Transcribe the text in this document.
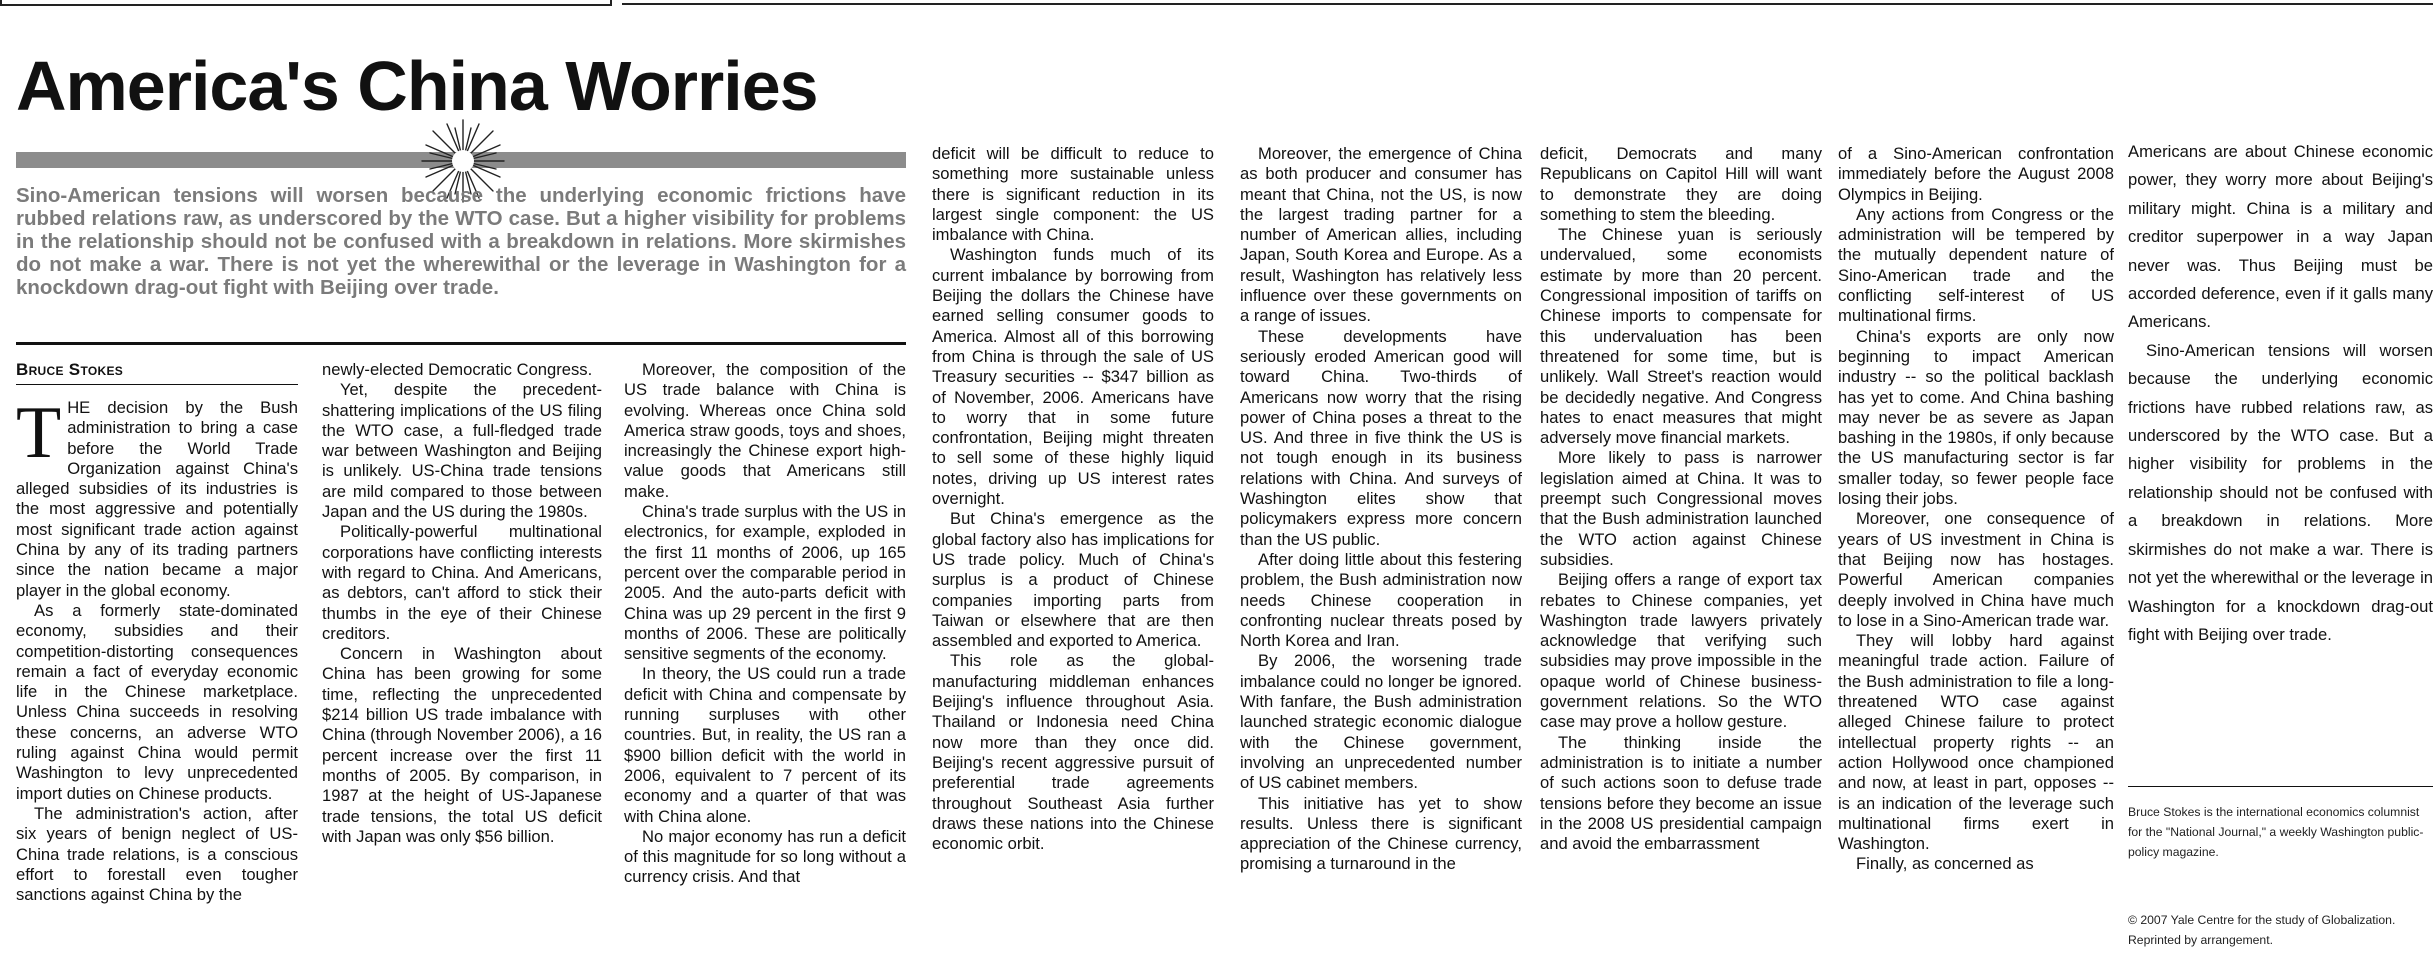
America's China Worries

Sino-American tensions will worsen because the underlying economic frictions have rubbed relations raw, as underscored by the WTO case. But a higher visibility for problems in the relationship should not be confused with a breakdown in relations. More skirmishes do not make a war. There is not yet the wherewithal or the leverage in Washington for a knockdown drag-out fight with Beijing over trade.

Bruce Stokes

THE decision by the Bush administration to bring a case before the World Trade Organization against China's alleged subsidies of its industries is the most aggressive and potentially most significant trade action against China by any of its trading partners since the nation became a major player in the global economy.

As a formerly state-dominated economy, subsidies and their competition-distorting consequences remain a fact of everyday economic life in the Chinese marketplace. Unless China succeeds in resolving these concerns, an adverse WTO ruling against China would permit Washington to levy unprecedented import duties on Chinese products.

The administration's action, after six years of benign neglect of US-China trade relations, is a conscious effort to forestall even tougher sanctions against China by the

newly-elected Democratic Congress.

Yet, despite the precedent-shattering implications of the US filing the WTO case, a full-fledged trade war between Washington and Beijing is unlikely. US-China trade tensions are mild compared to those between Japan and the US during the 1980s.

Politically-powerful multinational corporations have conflicting interests with regard to China. And Americans, as debtors, can't afford to stick their thumbs in the eye of their Chinese creditors.

Concern in Washington about China has been growing for some time, reflecting the unprecedented $214 billion US trade imbalance with China (through November 2006), a 16 percent increase over the first 11 months of 2005. By comparison, in 1987 at the height of US-Japanese trade tensions, the total US deficit with Japan was only $56 billion.

Moreover, the composition of the US trade balance with China is evolving. Whereas once China sold America straw goods, toys and shoes, increasingly the Chinese export high-value goods that Americans still make.

China's trade surplus with the US in electronics, for example, exploded in the first 11 months of 2006, up 165 percent over the comparable period in 2005. And the auto-parts deficit with China was up 29 percent in the first 9 months of 2006. These are politically sensitive segments of the economy.

In theory, the US could run a trade deficit with China and compensate by running surpluses with other countries. But, in reality, the US ran a $900 billion deficit with the world in 2006, equivalent to 7 percent of its economy and a quarter of that was with China alone.

No major economy has run a deficit of this magnitude for so long without a currency crisis. And that

deficit will be difficult to reduce to something more sustainable unless there is significant reduction in its largest single component: the US imbalance with China.

Washington funds much of its current imbalance by borrowing from Beijing the dollars the Chinese have earned selling consumer goods to America. Almost all of this borrowing from China is through the sale of US Treasury securities -- $347 billion as of November, 2006. Americans have to worry that in some future confrontation, Beijing might threaten to sell some of these highly liquid notes, driving up US interest rates overnight.

But China's emergence as the global factory also has implications for US trade policy. Much of China's surplus is a product of Chinese companies importing parts from Taiwan or elsewhere that are then assembled and exported to America.

This role as the global-manufacturing middleman enhances Beijing's influence throughout Asia. Thailand or Indonesia need China now more than they once did. Beijing's recent aggressive pursuit of preferential trade agreements throughout Southeast Asia further draws these nations into the Chinese economic orbit.

Moreover, the emergence of China as both producer and consumer has meant that China, not the US, is now the largest trading partner for a number of American allies, including Japan, South Korea and Europe. As a result, Washington has relatively less influence over these governments on a range of issues.

These developments have seriously eroded American good will toward China. Two-thirds of Americans now worry that the rising power of China poses a threat to the US. And three in five think the US is not tough enough in its business relations with China. And surveys of Washington elites show that policymakers express more concern than the US public.

After doing little about this festering problem, the Bush administration now needs Chinese cooperation in confronting nuclear threats posed by North Korea and Iran.

By 2006, the worsening trade imbalance could no longer be ignored. With fanfare, the Bush administration launched strategic economic dialogue with the Chinese government, involving an unprecedented number of US cabinet members.

This initiative has yet to show results. Unless there is significant appreciation of the Chinese currency, promising a turnaround in the

deficit, Democrats and many Republicans on Capitol Hill will want to demonstrate they are doing something to stem the bleeding.

The Chinese yuan is seriously undervalued, some economists estimate by more than 20 percent. Congressional imposition of tariffs on Chinese imports to compensate for this undervaluation has been threatened for some time, but is unlikely. Wall Street's reaction would be decidedly negative. And Congress hates to enact measures that might adversely move financial markets.

More likely to pass is narrower legislation aimed at China. It was to preempt such Congressional moves that the Bush administration launched the WTO action against Chinese subsidies.

Beijing offers a range of export tax rebates to Chinese companies, yet Washington trade lawyers privately acknowledge that verifying such subsidies may prove impossible in the opaque world of Chinese business-government relations. So the WTO case may prove a hollow gesture.

The thinking inside the administration is to initiate a number of such actions soon to defuse trade tensions before they become an issue in the 2008 US presidential campaign and avoid the embarrassment

of a Sino-American confrontation immediately before the August 2008 Olympics in Beijing.

Any actions from Congress or the administration will be tempered by the mutually dependent nature of Sino-American trade and the conflicting self-interest of US multinational firms.

China's exports are only now beginning to impact American industry -- so the political backlash has yet to come. And China bashing may never be as severe as Japan bashing in the 1980s, if only because the US manufacturing sector is far smaller today, so fewer people face losing their jobs.

Moreover, one consequence of years of US investment in China is that Beijing now has hostages. Powerful American companies deeply involved in China have much to lose in a Sino-American trade war.

They will lobby hard against meaningful trade action. Failure of the Bush administration to file a long-threatened WTO case against alleged Chinese failure to protect intellectual property rights -- an action Hollywood once championed and now, at least in part, opposes -- is an indication of the leverage such multinational firms exert in Washington.

Finally, as concerned as

Americans are about Chinese economic power, they worry more about Beijing's military might. China is a military and creditor superpower in a way Japan never was. Thus Beijing must be accorded deference, even if it galls many Americans.

Sino-American tensions will worsen because the underlying economic frictions have rubbed relations raw, as underscored by the WTO case. But a higher visibility for problems in the relationship should not be confused with a breakdown in relations. More skirmishes do not make a war. There is not yet the wherewithal or the leverage in Washington for a knockdown drag-out fight with Beijing over trade.

Bruce Stokes is the international economics columnist for the "National Journal," a weekly Washington public-policy magazine.

© 2007 Yale Centre for the study of Globalization. Reprinted by arrangement.
